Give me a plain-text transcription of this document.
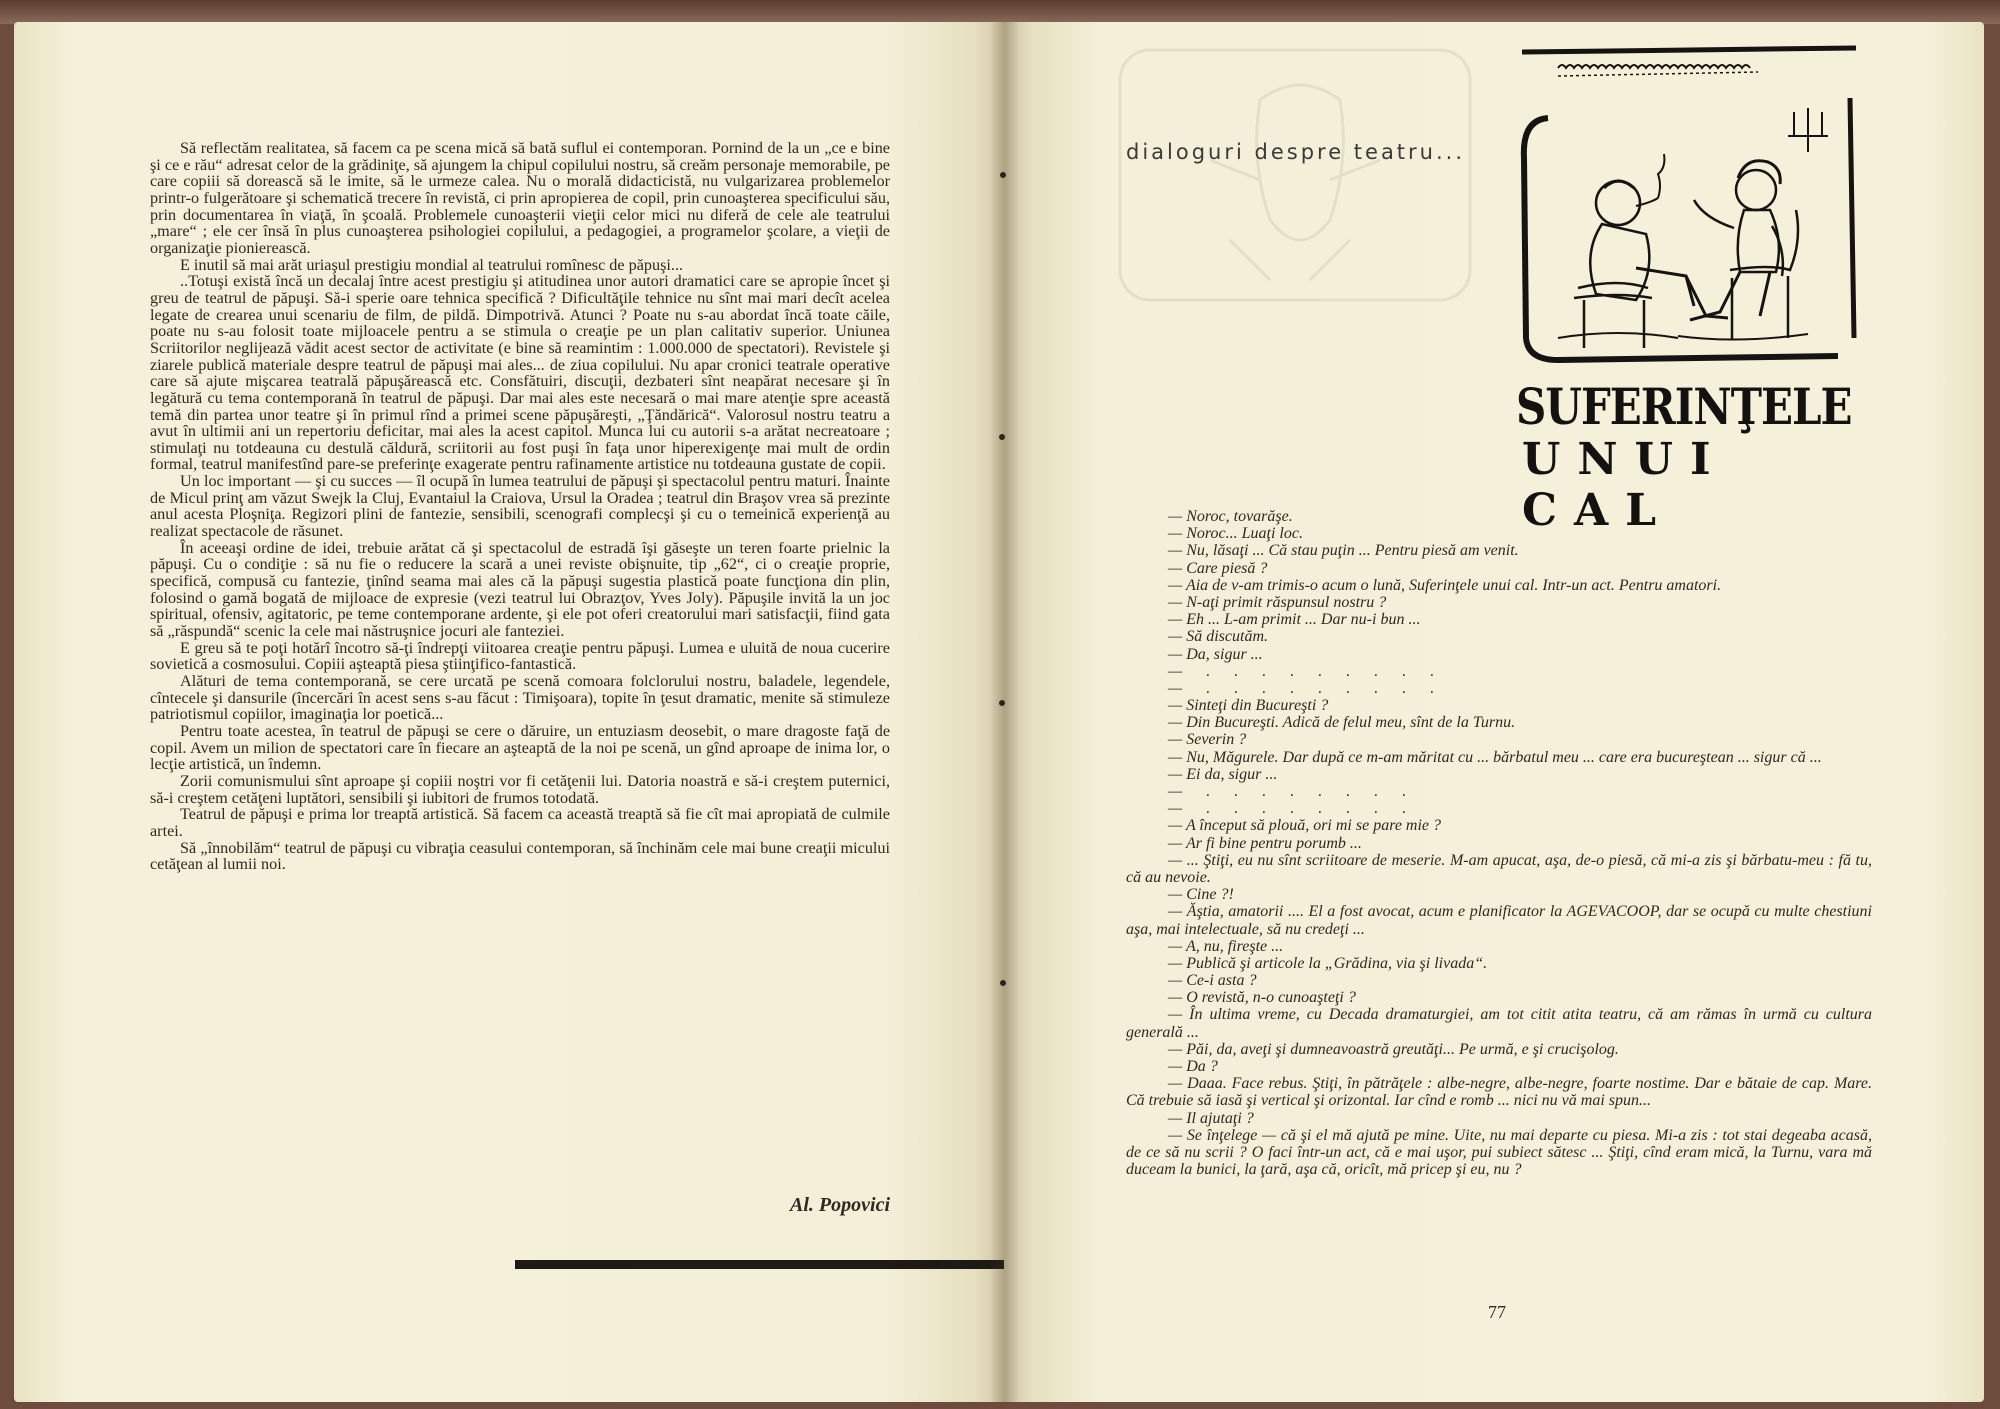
Să reflectăm realitatea, să facem ca pe scena mică să bată suflul ei contemporan. Pornind de la un „ce e bine şi ce e rău“ adresat celor de la grădiniţe, să ajungem la chipul copilului nostru, să creăm personaje memorabile, pe care copiii să dorească să le imite, să le urmeze calea. Nu o morală didacticistă, nu vulgarizarea problemelor printr-o fulgerătoare şi schematică trecere în revistă, ci prin apropierea de copil, prin cunoaşterea specificului său, prin documentarea în viaţă, în şcoală. Problemele cunoaşterii vieţii celor mici nu diferă de cele ale teatrului „mare“ ; ele cer însă în plus cunoaşterea psihologiei copilului, a pedagogiei, a programelor şcolare, a vieţii de organizaţie pionierească.

E inutil să mai arăt uriaşul prestigiu mondial al teatrului romînesc de păpuşi...

..Totuşi există încă un decalaj între acest prestigiu şi atitudinea unor autori dramatici care se apropie încet şi greu de teatrul de păpuşi. Să-i sperie oare tehnica specifică ? Dificultăţile tehnice nu sînt mai mari decît acelea legate de crearea unui scenariu de film, de pildă. Dimpotrivă. Atunci ? Poate nu s-au abordat încă toate căile, poate nu s-au folosit toate mijloacele pentru a se stimula o creaţie pe un plan calitativ superior. Uniunea Scriitorilor neglijează vădit acest sector de activitate (e bine să reamintim : 1.000.000 de spectatori). Revistele şi ziarele publică materiale despre teatrul de păpuşi mai ales... de ziua copilului. Nu apar cronici teatrale operative care să ajute mişcarea teatrală păpuşărească etc. Consfătuiri, discuţii, dezbateri sînt neapărat necesare şi în legătură cu tema contemporană în teatrul de păpuşi. Dar mai ales este necesară o mai mare atenţie spre această temă din partea unor teatre şi în primul rînd a primei scene păpuşăreşti, „Ţăndărică“. Valorosul nostru teatru a avut în ultimii ani un repertoriu deficitar, mai ales la acest capitol. Munca lui cu autorii s-a arătat necreatoare ; stimulaţi nu totdeauna cu destulă căldură, scriitorii au fost puşi în faţa unor hiperexigenţe mai mult de ordin formal, teatrul manifestînd pare-se preferinţe exagerate pentru rafinamente artistice nu totdeauna gustate de copii.

Un loc important — şi cu succes — îl ocupă în lumea teatrului de păpuşi şi spectacolul pentru maturi. Înainte de Micul prinţ am văzut Swejk la Cluj, Evantaiul la Craiova, Ursul la Oradea ; teatrul din Braşov vrea să prezinte anul acesta Ploşniţa. Regizori plini de fantezie, sensibili, scenografi complecşi şi cu o temeinică experienţă au realizat spectacole de răsunet.

În aceeaşi ordine de idei, trebuie arătat că şi spectacolul de estradă îşi găseşte un teren foarte prielnic la păpuşi. Cu o condiţie : să nu fie o reducere la scară a unei reviste obişnuite, tip „62“, ci o creaţie proprie, specifică, compusă cu fantezie, ţinînd seama mai ales că la păpuşi sugestia plastică poate funcţiona din plin, folosind o gamă bogată de mijloace de expresie (vezi teatrul lui Obrazţov, Yves Joly). Păpuşile invită la un joc spiritual, ofensiv, agitatoric, pe teme contemporane ardente, şi ele pot oferi creatorului mari satisfacţii, fiind gata să „răspundă“ scenic la cele mai năstruşnice jocuri ale fanteziei.

E greu să te poţi hotărî încotro să-ţi îndrepţi viitoarea creaţie pentru păpuşi. Lumea e uluită de noua cucerire sovietică a cosmosului. Copiii aşteaptă piesa ştiinţifico-fantastică.

Alături de tema contemporană, se cere urcată pe scenă comoara folclorului nostru, baladele, legendele, cîntecele şi dansurile (încercări în acest sens s-au făcut : Timişoara), topite în ţesut dramatic, menite să stimuleze patriotismul copiilor, imaginaţia lor poetică...

Pentru toate acestea, în teatrul de păpuşi se cere o dăruire, un entuziasm deosebit, o mare dragoste faţă de copil. Avem un milion de spectatori care în fiecare an aşteaptă de la noi pe scenă, un gînd aproape de inima lor, o lecţie artistică, un îndemn.

Zorii comunismului sînt aproape şi copiii noştri vor fi cetăţenii lui. Datoria noastră e să-i creştem puternici, să-i creştem cetăţeni luptători, sensibili şi iubitori de frumos totodată.

Teatrul de păpuşi e prima lor treaptă artistică. Să facem ca această treaptă să fie cît mai apropiată de culmile artei.

Să „înnobilăm“ teatrul de păpuşi cu vibraţia ceasului contemporan, să închinăm cele mai bune creaţii micului cetăţean al lumii noi.

Al. Popovici
dialoguri despre teatru...
SUFERINŢELE
UNUI CAL

— Noroc, tovarăşe.

— Noroc... Luaţi loc.

— Nu, lăsaţi ... Că stau puţin ... Pentru piesă am venit.

— Care piesă ?

— Aia de v-am trimis-o acum o lună, Suferinţele unui cal. Intr-un act. Pentru amatori.

— N-aţi primit răspunsul nostru ?

— Eh ... L-am primit ... Dar nu-i bun ...

— Să discutăm.

— Da, sigur ...

— . . . . . . . . .

— . . . . . . . . .

— Sinteţi din Bucureşti ?

— Din Bucureşti. Adică de felul meu, sînt de la Turnu.

— Severin ?

— Nu, Măgurele. Dar după ce m-am măritat cu ... bărbatul meu ... care era bucureştean ... sigur că ...

— Ei da, sigur ...

— . . . . . . . .

— . . . . . . . .

— A început să plouă, ori mi se pare mie ?

— Ar fi bine pentru porumb ...

— ... Ştiţi, eu nu sînt scriitoare de meserie. M-am apucat, aşa, de-o piesă, că mi-a zis şi bărbatu-meu : fă tu, că au nevoie.

— Cine ?!

— Ăştia, amatorii .... El a fost avocat, acum e planificator la AGEVACOOP, dar se ocupă cu multe chestiuni aşa, mai intelectuale, să nu credeţi ...

— A, nu, fireşte ...

— Publică şi articole la „Grădina, via şi livada“.

— Ce-i asta ?

— O revistă, n-o cunoaşteţi ?

— În ultima vreme, cu Decada dramaturgiei, am tot citit atita teatru, că am rămas în urmă cu cultura generală ...

— Păi, da, aveţi şi dumneavoastră greutăţi... Pe urmă, e şi crucişolog.

— Da ?

— Daaa. Face rebus. Ştiţi, în pătrăţele : albe-negre, albe-negre, foarte nostime. Dar e bătaie de cap. Mare. Că trebuie să iasă şi vertical şi orizontal. Iar cînd e romb ... nici nu vă mai spun...

— Il ajutaţi ?

— Se înţelege — că şi el mă ajută pe mine. Uite, nu mai departe cu piesa. Mi-a zis : tot stai degeaba acasă, de ce să nu scrii ? O faci într-un act, că e mai uşor, pui subiect sătesc ... Ştiţi, cînd eram mică, la Turnu, vara mă duceam la bunici, la ţară, aşa că, oricît, mă pricep şi eu, nu ?

77
